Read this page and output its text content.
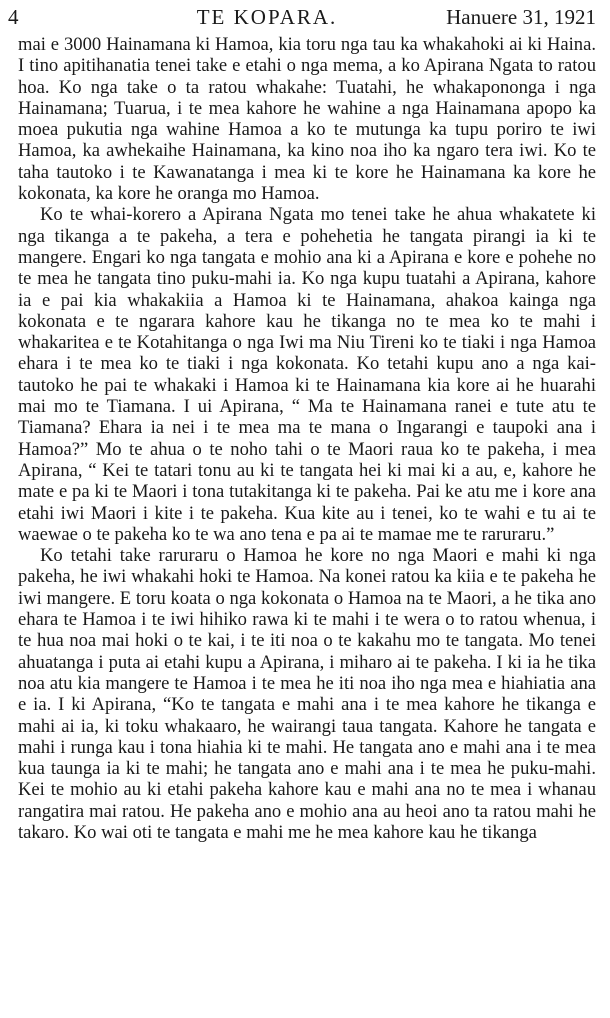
4	TE KOPARA.	Hanuere 31, 1921

mai e 3000 Hainamana ki Hamoa, kia toru nga tau ka whakahoki ai ki Haina. I tino apitihanatia tenei take e etahi o nga mema, a ko Apirana Ngata to ratou hoa. Ko nga take o ta ratou whakahe: Tuatahi, he whakapononga i nga Hainamana; Tuarua, i te mea kahore he wahine a nga Hainamana apopo ka moea pukutia nga wahine Hamoa a ko te mutunga ka tupu poriro te iwi Hamoa, ka awhekaihe Hainamana, ka kino noa iho ka ngaro tera iwi. Ko te taha tautoko i te Kawanatanga i mea ki te kore he Hainamana ka kore he kokonata, ka kore he oranga mo Hamoa.

Ko te whai-korero a Apirana Ngata mo tenei take he ahua whakatete ki nga tikanga a te pakeha, a tera e pohehetia he tangata pirangi ia ki te mangere. Engari ko nga tangata e mohio ana ki a Apirana e kore e pohehe no te mea he tangata tino puku-mahi ia. Ko nga kupu tuatahi a Apirana, kahore ia e pai kia whakakiia a Hamoa ki te Hainamana, ahakoa kainga nga kokonata e te ngarara kahore kau he tikanga no te mea ko te mahi i whakaritea e te Kotahitanga o nga Iwi ma Niu Tireni ko te tiaki i nga Hamoa ehara i te mea ko te tiaki i nga kokonata. Ko tetahi kupu ano a nga kai-tautoko he pai te whakaki i Hamoa ki te Hainamana kia kore ai he huarahi mai mo te Tiamana. I ui Apirana, “ Ma te Hainamana ranei e tute atu te Tiamana? Ehara ia nei i te mea ma te mana o Ingarangi e taupoki ana i Hamoa?” Mo te ahua o te noho tahi o te Maori raua ko te pakeha, i mea Apirana, “ Kei te tatari tonu au ki te tangata hei ki mai ki a au, e, kahore he mate e pa ki te Maori i tona tutakitanga ki te pakeha. Pai ke atu me i kore ana etahi iwi Maori i kite i te pakeha. Kua kite au i tenei, ko te wahi e tu ai te waewae o te pakeha ko te wa ano tena e pa ai te mamae me te raruraru.”

Ko tetahi take raruraru o Hamoa he kore no nga Maori e mahi ki nga pakeha, he iwi whakahi hoki te Hamoa. Na konei ratou ka kiia e te pakeha he iwi mangere. E toru koata o nga kokonata o Hamoa na te Maori, a he tika ano ehara te Hamoa i te iwi hihiko rawa ki te mahi i te wera o to ratou whenua, i te hua noa mai hoki o te kai, i te iti noa o te kakahu mo te tangata. Mo tenei ahuatanga i puta ai etahi kupu a Apirana, i miharo ai te pakeha. I ki ia he tika noa atu kia mangere te Hamoa i te mea he iti noa iho nga mea e hiahiatia ana e ia. I ki Apirana, “Ko te tangata e mahi ana i te mea kahore he tikanga e mahi ai ia, ki toku whakaaro, he wairangi taua tangata. Kahore he tangata e mahi i runga kau i tona hiahia ki te mahi. He tangata ano e mahi ana i te mea kua taunga ia ki te mahi; he tangata ano e mahi ana i te mea he puku-mahi. Kei te mohio au ki etahi pakeha kahore kau e mahi ana no te mea i whanau rangatira mai ratou. He pakeha ano e mohio ana au heoi ano ta ratou mahi he takaro. Ko wai oti te tangata e mahi me he mea kahore kau he tikanga
